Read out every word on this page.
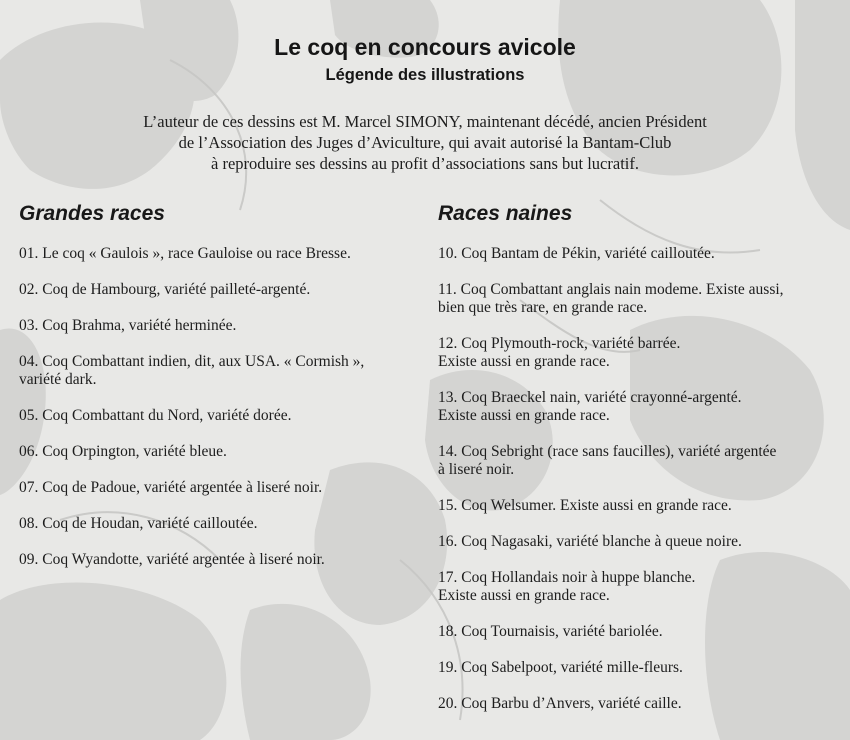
Le coq en concours avicole
Légende des illustrations
L’auteur de ces dessins est M. Marcel SIMONY, maintenant décédé, ancien Président
de l’Association des Juges d’Aviculture, qui avait autorisé la Bantam-Club
à reproduire ses dessins au profit d’associations sans but lucratif.
Grandes races	Races naines
01. Le coq « Gaulois », race Gauloise ou race Bresse.
02. Coq de Hambourg, variété pailleté-argenté.
03. Coq Brahma, variété herminée.
04. Coq Combattant indien, dit, aux USA. « Cormish »,
variété dark.
05. Coq Combattant du Nord, variété dorée.
06. Coq Orpington, variété bleue.
07. Coq de Padoue, variété argentée à liseré noir.
08. Coq de Houdan, variété cailloutée.
09. Coq Wyandotte, variété argentée à liseré noir.
10. Coq Bantam de Pékin, variété cailloutée.
11. Coq Combattant anglais nain modeme. Existe aussi,
bien que très rare, en grande race.
12. Coq Plymouth-rock, variété barrée.
Existe aussi en grande race.
13. Coq Braeckel nain, variété crayonné-argenté.
Existe aussi en grande race.
14. Coq Sebright (race sans faucilles), variété argentée
à liseré noir.
15. Coq Welsumer. Existe aussi en grande race.
16. Coq Nagasaki, variété blanche à queue noire.
17. Coq Hollandais noir à huppe blanche.
Existe aussi en grande race.
18. Coq Tournaisis, variété bariolée.
19. Coq Sabelpoot, variété mille-fleurs.
20. Coq Barbu d’Anvers, variété caille.
